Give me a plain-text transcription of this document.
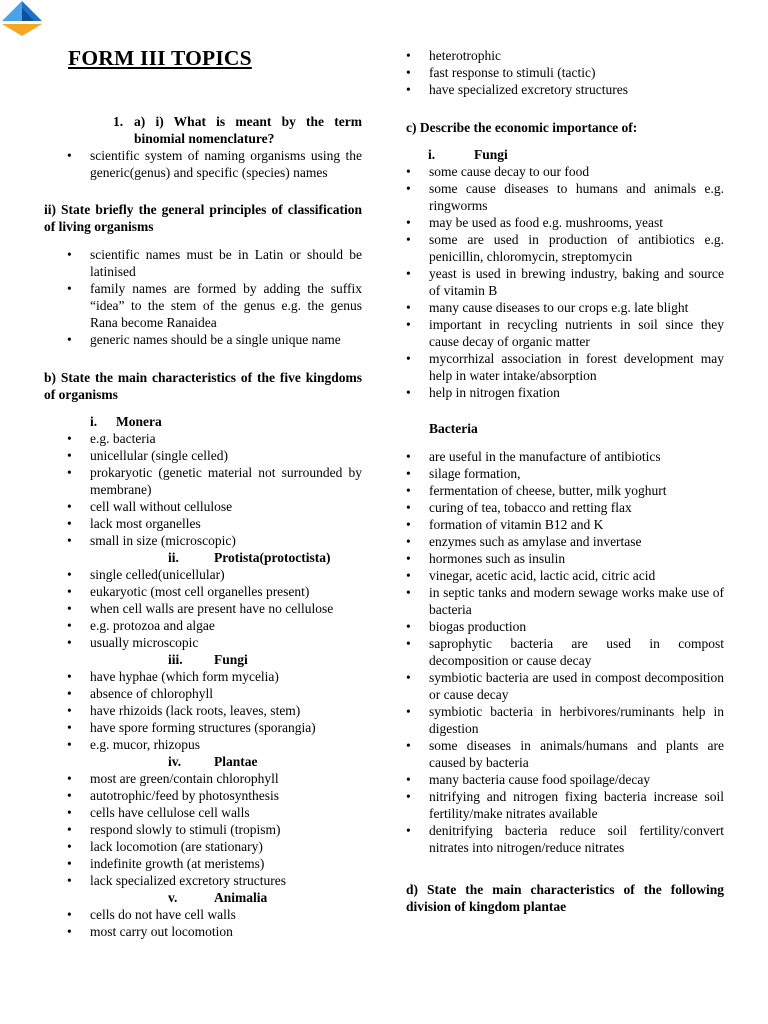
FORM III TOPICS
1. a) i) What is meant by the term binomial nomenclature?
• scientific system of naming organisms using the generic(genus) and specific (species) names

ii) State briefly the general principles of classification of living organisms

• scientific names must be in Latin or should be latinised
• family names are formed by adding the suffix “idea” to the stem of the genus e.g. the genus Rana become Ranaidea
• generic names should be a single unique name

b) State the main characteristics of the five kingdoms of organisms

i. Monera
• e.g. bacteria
• unicellular (single celled)
• prokaryotic (genetic material not surrounded by membrane)
• cell wall without cellulose
• lack most organelles
• small in size (microscopic)
ii.	Protista(protoctista)
• single celled(unicellular)
• eukaryotic (most cell organelles present)
• when cell walls are present have no cellulose
• e.g. protozoa and algae
• usually microscopic
iii. Fungi
• have hyphae (which form mycelia)
• absence of chlorophyll
• have rhizoids (lack roots, leaves, stem)
• have spore forming structures (sporangia)
• e.g. mucor, rhizopus
iv. Plantae
• most are green/contain chlorophyll
• autotrophic/feed by photosynthesis
• cells have cellulose cell walls
• respond slowly to stimuli (tropism)
• lack locomotion (are stationary)
• indefinite growth (at meristems)
• lack specialized excretory structures
v.	Animalia
• cells do not have cell walls
• most carry out locomotion
• heterotrophic
• fast response to stimuli (tactic)
• have specialized excretory structures

c) Describe the economic importance of:

i.	Fungi
• some cause decay to our food
• some cause diseases to humans and animals e.g. ringworms
• may be used as food e.g. mushrooms, yeast
• some are used in production of antibiotics e.g. penicillin, chloromycin, streptomycin
• yeast is used in brewing industry, baking and source of vitamin B
• many cause diseases to our crops e.g. late blight
• important in recycling nutrients in soil since they cause decay of organic matter
• mycorrhizal association in forest development may help in water intake/absorption
• help in nitrogen fixation

Bacteria

• are useful in the manufacture of antibiotics
• silage formation,
• fermentation of cheese, butter, milk yoghurt
• curing of tea, tobacco and retting flax
• formation of vitamin B12 and K
• enzymes such as amylase and invertase
• hormones such as insulin
• vinegar, acetic acid, lactic acid, citric acid
• in septic tanks and modern sewage works make use of bacteria
• biogas production
• saprophytic bacteria are used in compost decomposition or cause decay
• symbiotic bacteria are used in compost decomposition or cause decay
• symbiotic bacteria in herbivores/ruminants help in digestion
• some diseases in animals/humans and plants are caused by bacteria
• many bacteria cause food spoilage/decay
• nitrifying and nitrogen fixing bacteria increase soil fertility/make nitrates available
• denitrifying bacteria reduce soil fertility/convert nitrates into nitrogen/reduce nitrates

d) State the main characteristics of the following division of kingdom plantae
